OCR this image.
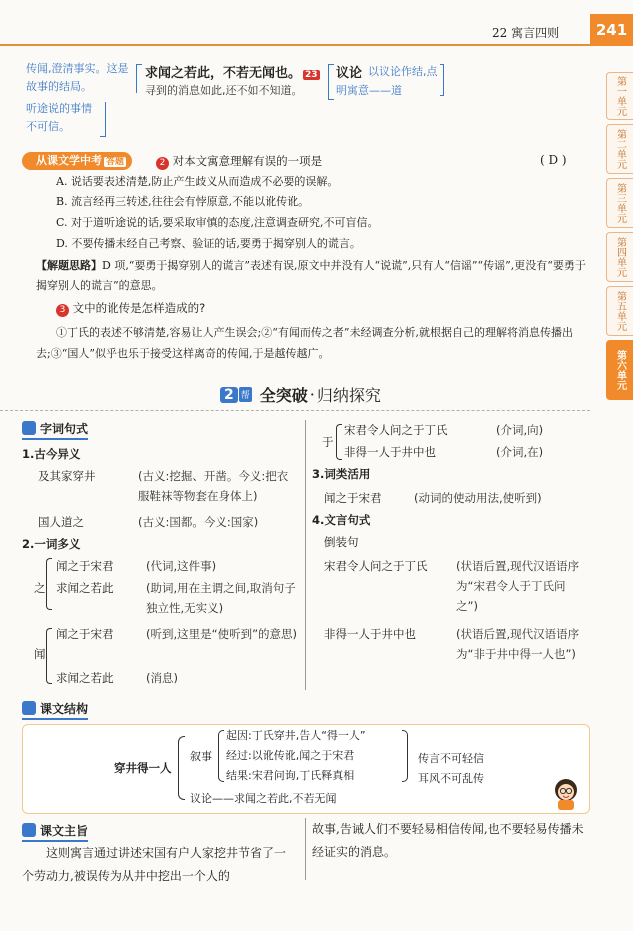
22 寓言四则	241
第一单元
第二单元
第三单元
第四单元
第五单元
第六单元
传闻,澄清事实。这是故事的结局。
听途说的事情不可信。
求闻之若此，不若无闻也。 23
寻到的消息如此,还不如不知道。
议论 以议论作结,点明寓意——道
从课文学中考 答题	2 对本文寓意理解有误的一项是	( D )
A. 说话要表述清楚,防止产生歧义从而造成不必要的误解。
B. 流言经再三转述,往往会有悖原意,不能以讹传讹。
C. 对于道听途说的话,要采取审慎的态度,注意调查研究,不可盲信。
D. 不要传播未经自己考察、验证的话,要勇于揭穿别人的谎言。
【解题思路】D 项,“要勇于揭穿别人的谎言”表述有误,原文中并没有人“说谎”,只有人“信谣”“传谣”,更没有“要勇于揭穿别人的谎言”的意思。
3 文中的讹传是怎样造成的?
①丁氏的表述不够清楚,容易让人产生误会;②“有闻而传之者”未经调查分析,就根据自己的理解将消息传播出去;③“国人”似乎也乐于接受这样离奇的传闻,于是越传越广。
2 帮 全突破 · 归纳探究
字词句式
1.古今异义
及其家穿井	(古义:挖掘、开凿。今义:把衣服鞋袜等物套在身体上)
国人道之	(古义:国都。今义:国家)
2.一词多义
之
闻之于宋君	(代词,这件事)
求闻之若此	(助词,用在主谓之间,取消句子独立性,无实义)
闻
闻之于宋君	(听到,这里是“使听到”的意思)
求闻之若此	(消息)
于
宋君令人问之于丁氏	(介词,向)
非得一人于井中也	(介词,在)
3.词类活用
闻之于宋君	(动词的使动用法,使听到)
4.文言句式
倒装句
宋君令人问之于丁氏 (状语后置,现代汉语语序为“宋君令人于丁氏问之”)
非得一人于井中也	(状语后置,现代汉语语序为“非于井中得一人也”)
课文结构
穿井得一人
叙事
起因:丁氏穿井,告人“得一人”
经过:以讹传讹,闻之于宋君
结果:宋君问询,丁氏释真相
传言不可轻信
耳风不可乱传
议论——求闻之若此,不若无闻
课文主旨
这则寓言通过讲述宋国有户人家挖井节省了一个劳动力,被误传为从井中挖出一个人的
故事,告诫人们不要轻易相信传闻,也不要轻易传播未经证实的消息。
